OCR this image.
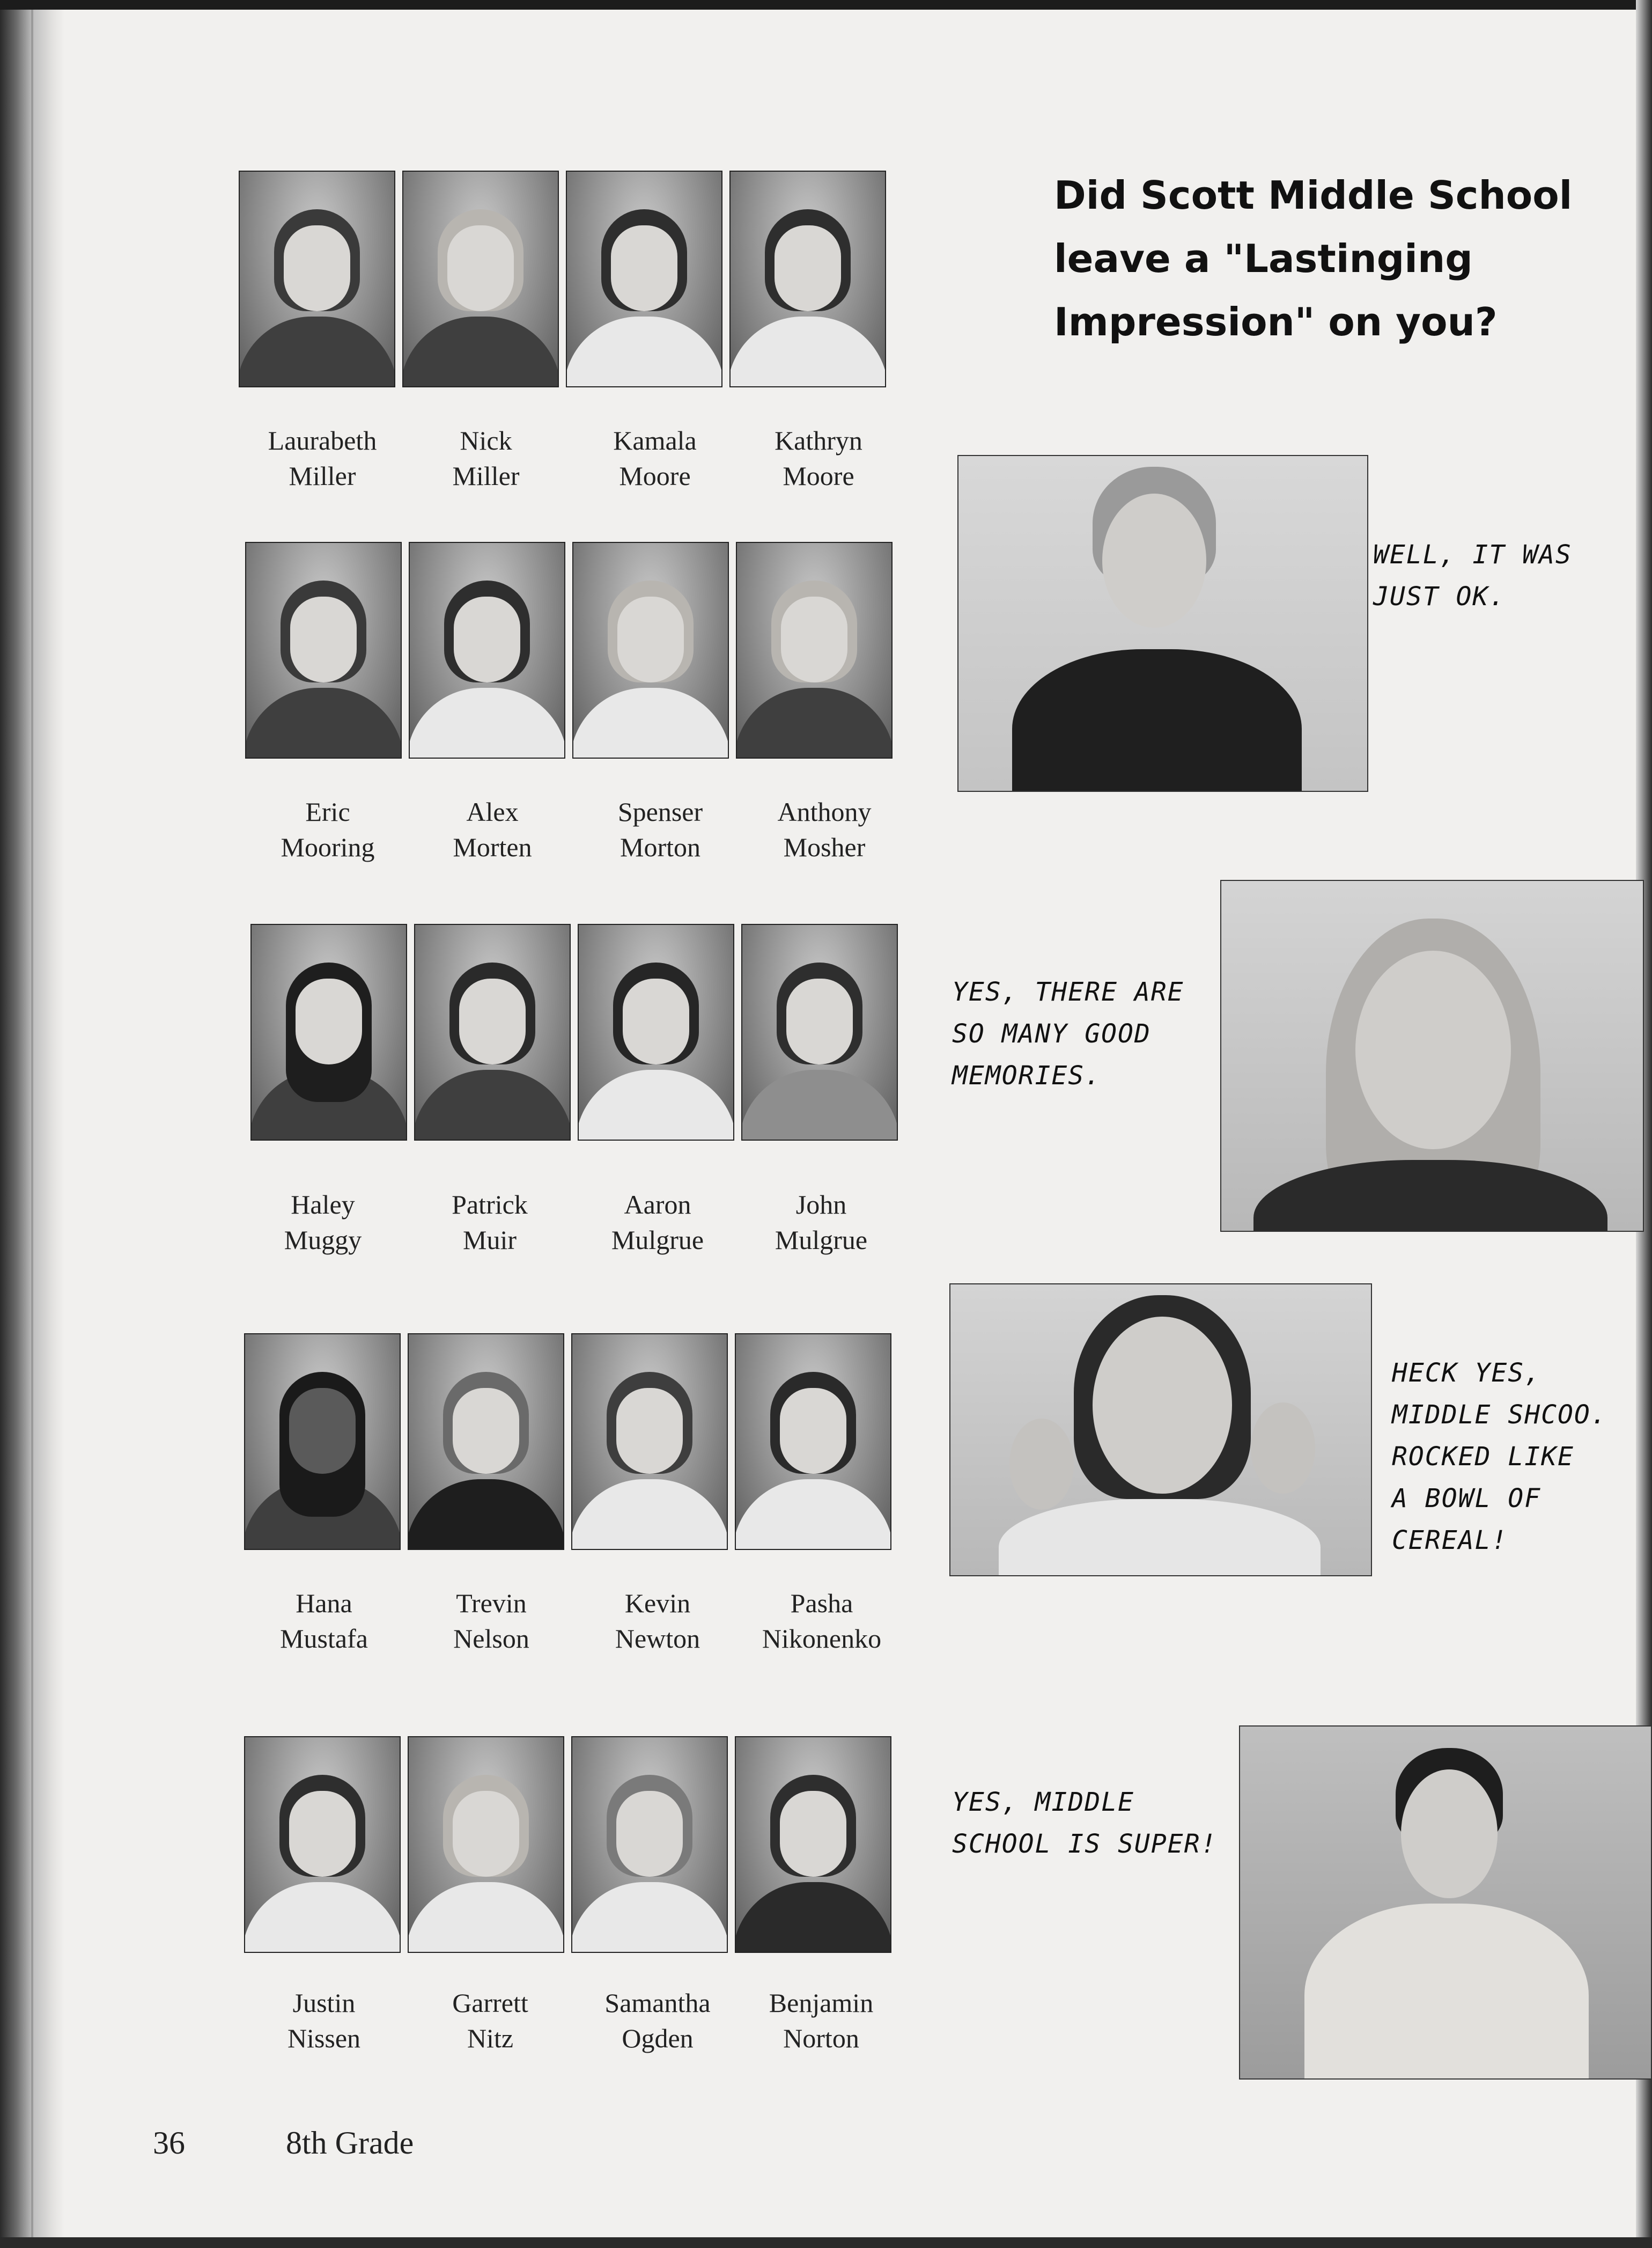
Did Scott Middle School
leave a "Lastinging
Impression" on you?
Laurabeth
Miller
Nick
Miller
Kamala
Moore
Kathryn
Moore
Eric
Mooring
Alex
Morten
Spenser
Morton
Anthony
Mosher
Haley
Muggy
Patrick
Muir
Aaron
Mulgrue
John
Mulgrue
Hana
Mustafa
Trevin
Nelson
Kevin
Newton
Pasha
Nikonenko
Justin
Nissen
Garrett
Nitz
Samantha
Ogden
Benjamin
Norton
WELL, IT WAS
JUST OK.
YES, THERE ARE
SO MANY GOOD
MEMORIES.
HECK YES,
MIDDLE SHCOO.
ROCKED LIKE
A BOWL OF
CEREAL!
YES, MIDDLE
SCHOOL IS SUPER!
36	8th Grade
